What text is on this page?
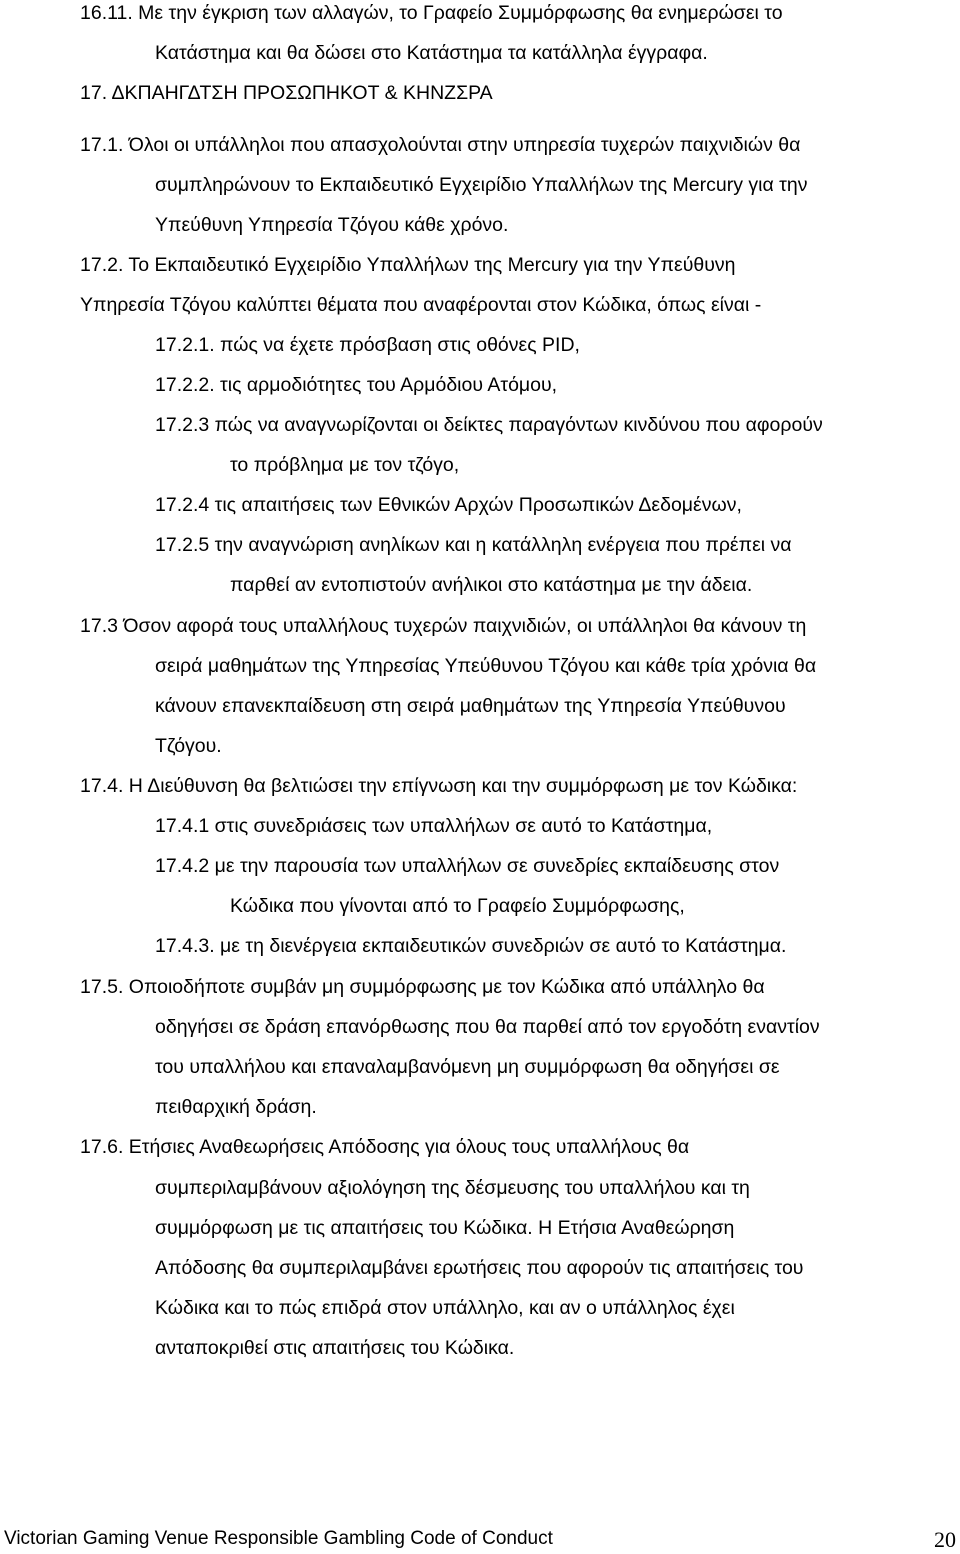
16.11. Με την έγκριση των αλλαγών, το Γραφείο Συμμόρφωσης θα ενημερώσει το
Κατάστημα και θα δώσει στο Κατάστημα τα κατάλληλα έγγραφα.
17. ΔΚΠΑΗΓΔΤΣΗ ΠΡΟΣΩΠΗΚΟΤ & ΚΗΝΖΣΡΑ
17.1. Όλοι οι υπάλληλοι που απασχολούνται στην υπηρεσία τυχερών παιχνιδιών θα
συμπληρώνουν το Εκπαιδευτικό Εγχειρίδιο Υπαλλήλων της Mercury για την
Υπεύθυνη Υπηρεσία Τζόγου κάθε χρόνο.
17.2. Το Εκπαιδευτικό Εγχειρίδιο Υπαλλήλων της Mercury για την Υπεύθυνη
Υπηρεσία Τζόγου καλύπτει θέματα που αναφέρονται στον Κώδικα, όπως είναι -
17.2.1. πώς να έχετε πρόσβαση στις οθόνες PID,
17.2.2. τις αρμοδιότητες του Αρμόδιου Ατόμου,
17.2.3 πώς να αναγνωρίζονται οι δείκτες παραγόντων κινδύνου που αφορούν
το πρόβλημα με τον τζόγο,
17.2.4 τις απαιτήσεις των Εθνικών Αρχών Προσωπικών Δεδομένων,
17.2.5 την αναγνώριση ανηλίκων και η κατάλληλη ενέργεια που πρέπει να
παρθεί αν εντοπιστούν ανήλικοι στο κατάστημα με την άδεια.
17.3 Όσον αφορά τους υπαλλήλους τυχερών παιχνιδιών, οι υπάλληλοι θα κάνουν τη
σειρά μαθημάτων της Υπηρεσίας Υπεύθυνου Τζόγου και κάθε τρία χρόνια θα
κάνουν επανεκπαίδευση στη σειρά μαθημάτων της Υπηρεσία Υπεύθυνου
Τζόγου.
17.4. Η Διεύθυνση θα βελτιώσει την επίγνωση και την συμμόρφωση με τον Κώδικα:
17.4.1 στις συνεδριάσεις των υπαλλήλων σε αυτό το Κατάστημα,
17.4.2 με την παρουσία των υπαλλήλων σε συνεδρίες εκπαίδευσης στον
Κώδικα που γίνονται από το Γραφείο Συμμόρφωσης,
17.4.3. με τη διενέργεια εκπαιδευτικών συνεδριών σε αυτό το Κατάστημα.
17.5. Οποιοδήποτε συμβάν μη συμμόρφωσης με τον Κώδικα από υπάλληλο θα
οδηγήσει σε δράση επανόρθωσης που θα παρθεί από τον εργοδότη εναντίον
του υπαλλήλου και επαναλαμβανόμενη μη συμμόρφωση θα οδηγήσει σε
πειθαρχική δράση.
17.6. Ετήσιες Αναθεωρήσεις Απόδοσης για όλους τους υπαλλήλους θα
συμπεριλαμβάνουν αξιολόγηση της δέσμευσης του υπαλλήλου και τη
συμμόρφωση με τις απαιτήσεις του Κώδικα. Η Ετήσια Αναθεώρηση
Απόδοσης θα συμπεριλαμβάνει ερωτήσεις που αφορούν τις απαιτήσεις του
Κώδικα και το πώς επιδρά στον υπάλληλο, και αν ο υπάλληλος έχει
ανταποκριθεί στις απαιτήσεις του Κώδικα.
Victorian Gaming Venue Responsible Gambling Code of Conduct	20
